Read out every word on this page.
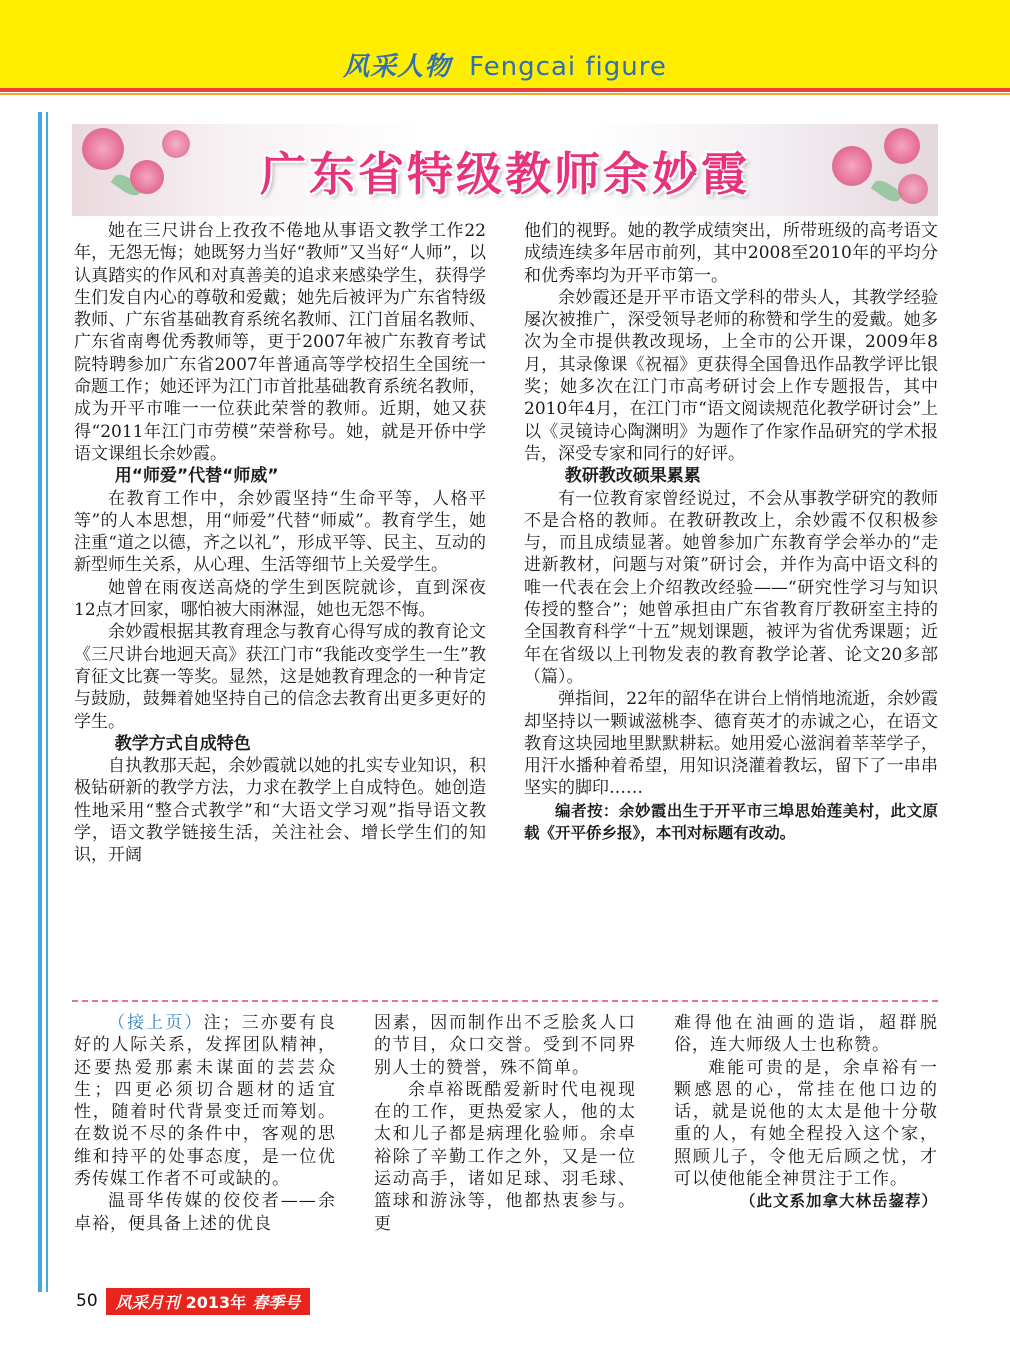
风采人物 Fengcai figure
广东省特级教师余妙霞

她在三尺讲台上孜孜不倦地从事语文教学工作22年，无怨无悔；她既努力当好“教师”又当好“人师”，以认真踏实的作风和对真善美的追求来感染学生，获得学生们发自内心的尊敬和爱戴；她先后被评为广东省特级教师、广东省基础教育系统名教师、江门首届名教师、广东省南粤优秀教师等，更于2007年被广东教育考试院特聘参加广东省2007年普通高等学校招生全国统一命题工作；她还评为江门市首批基础教育系统名教师，成为开平市唯一一位获此荣誉的教师。近期，她又获得“2011年江门市劳模”荣誉称号。她，就是开侨中学语文课组长余妙霞。

用“师爱”代替“师威”

在教育工作中，余妙霞坚持“生命平等，人格平等”的人本思想，用“师爱”代替“师威”。教育学生，她注重“道之以德，齐之以礼”，形成平等、民主、互动的新型师生关系，从心理、生活等细节上关爱学生。

她曾在雨夜送高烧的学生到医院就诊，直到深夜12点才回家，哪怕被大雨淋湿，她也无怨不悔。

余妙霞根据其教育理念与教育心得写成的教育论文《三尺讲台地迥天高》获江门市“我能改变学生一生”教育征文比赛一等奖。显然，这是她教育理念的一种肯定与鼓励，鼓舞着她坚持自己的信念去教育出更多更好的学生。

教学方式自成特色

自执教那天起，余妙霞就以她的扎实专业知识，积极钻研新的教学方法，力求在教学上自成特色。她创造性地采用“整合式教学”和“大语文学习观”指导语文教学，语文教学链接生活，关注社会、增长学生们的知识，开阔

他们的视野。她的教学成绩突出，所带班级的高考语文成绩连续多年居市前列，其中2008至2010年的平均分和优秀率均为开平市第一。

余妙霞还是开平市语文学科的带头人，其教学经验屡次被推广，深受领导老师的称赞和学生的爱戴。她多次为全市提供教改现场，上全市的公开课，2009年8月，其录像课《祝福》更获得全国鲁迅作品教学评比银奖；她多次在江门市高考研讨会上作专题报告，其中2010年4月，在江门市“语文阅读规范化教学研讨会”上以《灵镜诗心陶渊明》为题作了作家作品研究的学术报告，深受专家和同行的好评。

教研教改硕果累累

有一位教育家曾经说过，不会从事教学研究的教师不是合格的教师。在教研教改上，余妙霞不仅积极参与，而且成绩显著。她曾参加广东教育学会举办的“走进新教材，问题与对策”研讨会，并作为高中语文科的唯一代表在会上介绍教改经验——“研究性学习与知识传授的整合”；她曾承担由广东省教育厅教研室主持的全国教育科学“十五”规划课题，被评为省优秀课题；近年在省级以上刊物发表的教育教学论著、论文20多部（篇）。

弹指间，22年的韶华在讲台上悄悄地流逝，余妙霞却坚持以一颗诚滋桃李、德育英才的赤诚之心，在语文教育这块园地里默默耕耘。她用爱心滋润着莘莘学子，用汗水播种着希望，用知识浇灌着教坛，留下了一串串坚实的脚印……

编者按：余妙霞出生于开平市三埠思始莲美村，此文原载《开平侨乡报》，本刊对标题有改动。

（接上页）注；三亦要有良好的人际关系，发挥团队精神，还要热爱那素未谋面的芸芸众生；四更必须切合题材的适宜性，随着时代背景变迁而筹划。在数说不尽的条件中，客观的思维和持平的处事态度，是一位优秀传媒工作者不可或缺的。

温哥华传媒的佼佼者——余卓裕，便具备上述的优良

因素，因而制作出不乏脍炙人口的节目，众口交誉。受到不同界别人士的赞誉，殊不简单。

余卓裕既酷爱新时代电视现在的工作，更热爱家人，他的太太和儿子都是病理化验师。余卓裕除了辛勤工作之外，又是一位运动高手，诸如足球、羽毛球、篮球和游泳等，他都热衷参与。更

难得他在油画的造诣，超群脱俗，连大师级人士也称赞。

难能可贵的是，余卓裕有一颗感恩的心，常挂在他口边的话，就是说他的太太是他十分敬重的人，有她全程投入这个家，照顾儿子，令他无后顾之忧，才可以使他能全神贯注于工作。

（此文系加拿大林岳鋆荐）

50 风采月刊 2013年 春季号
